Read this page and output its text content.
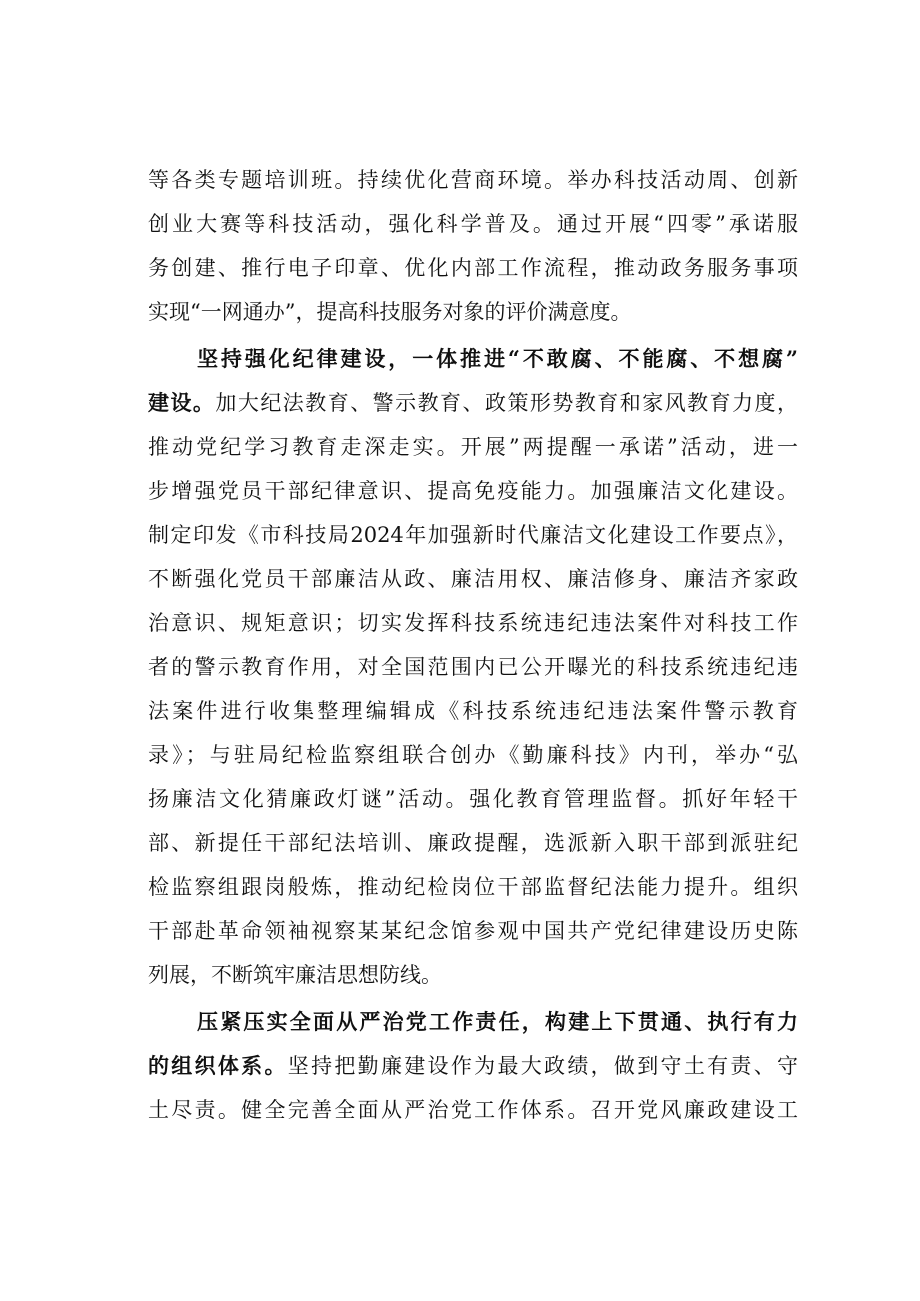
等各类专题培训班。持续优化营商环境。举办科技活动周、创新
创业大赛等科技活动，强化科学普及。通过开展“四零”承诺服
务创建、推行电子印章、优化内部工作流程，推动政务服务事项
实现“一网通办”，提高科技服务对象的评价满意度。
坚持强化纪律建设，一体推进“不敢腐、不能腐、不想腐”
建设。加大纪法教育、警示教育、政策形势教育和家风教育力度，
推动党纪学习教育走深走实。开展”两提醒一承诺”活动，进一
步增强党员干部纪律意识、提高免疫能力。加强廉洁文化建设。
制定印发《市科技局2024年加强新时代廉洁文化建设工作要点》，
不断强化党员干部廉洁从政、廉洁用权、廉洁修身、廉洁齐家政
治意识、规矩意识；切实发挥科技系统违纪违法案件对科技工作
者的警示教育作用，对全国范围内已公开曝光的科技系统违纪违
法案件进行收集整理编辑成《科技系统违纪违法案件警示教育
录》；与驻局纪检监察组联合创办《勤廉科技》内刊，举办“弘
扬廉洁文化猜廉政灯谜”活动。强化教育管理监督。抓好年轻干
部、新提任干部纪法培训、廉政提醒，选派新入职干部到派驻纪
检监察组跟岗般炼，推动纪检岗位干部监督纪法能力提升。组织
干部赴革命领袖视察某某纪念馆参观中国共产党纪律建设历史陈
列展，不断筑牢廉洁思想防线。
压紧压实全面从严治党工作责任，构建上下贯通、执行有力
的组织体系。坚持把勤廉建设作为最大政绩，做到守土有责、守
土尽责。健全完善全面从严治党工作体系。召开党风廉政建设工
